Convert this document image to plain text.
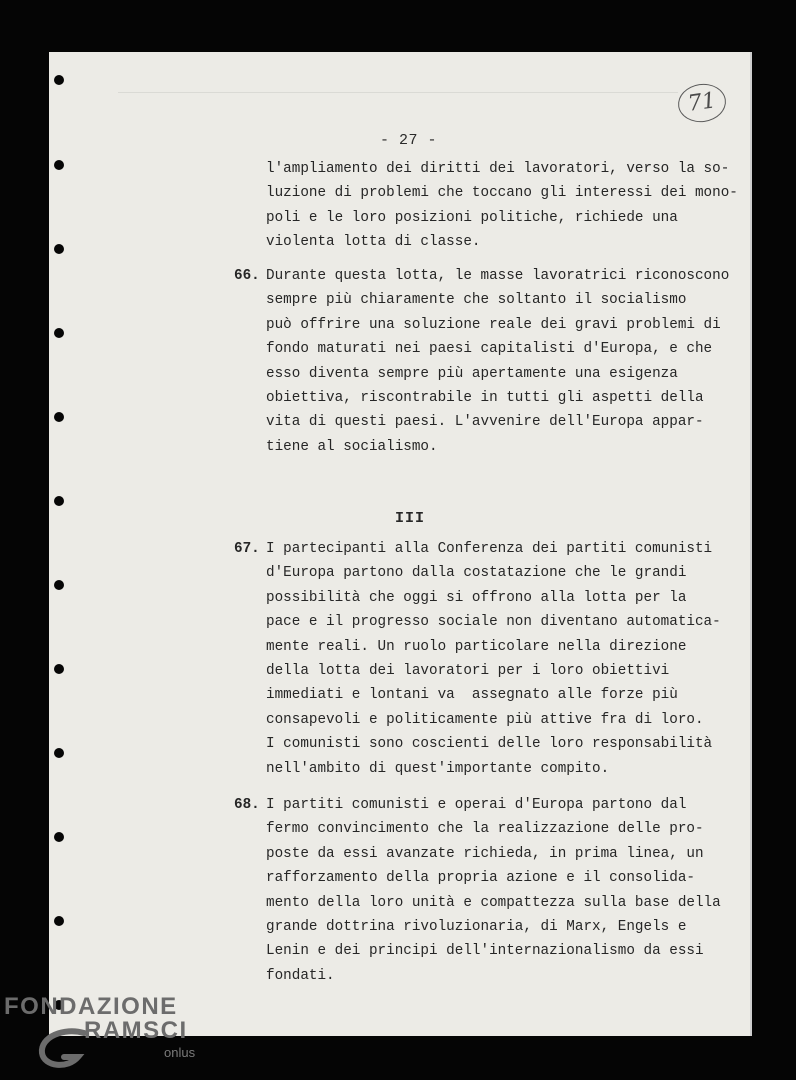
- 27 -
71
III
l'ampliamento dei diritti dei lavoratori, verso la so-
luzione di problemi che toccano gli interessi dei mono-
poli e le loro posizioni politiche, richiede una
violenta lotta di classe.
66. Durante questa lotta, le masse lavoratrici riconoscono
sempre più chiaramente che soltanto il socialismo
può offrire una soluzione reale dei gravi problemi di
fondo maturati nei paesi capitalisti d'Europa, e che
esso diventa sempre più apertamente una esigenza
obiettiva, riscontrabile in tutti gli aspetti della
vita di questi paesi. L'avvenire dell'Europa appar-
tiene al socialismo.
67. I partecipanti alla Conferenza dei partiti comunisti
d'Europa partono dalla costatazione che le grandi
possibilità che oggi si offrono alla lotta per la
pace e il progresso sociale non diventano automatica-
mente reali. Un ruolo particolare nella direzione
della lotta dei lavoratori per i loro obiettivi
immediati e lontani va  assegnato alle forze più
consapevoli e politicamente più attive fra di loro.
I comunisti sono coscienti delle loro responsabilità
nell'ambito di quest'importante compito.
68. I partiti comunisti e operai d'Europa partono dal
fermo convincimento che la realizzazione delle pro-
poste da essi avanzate richieda, in prima linea, un
rafforzamento della propria azione e il consolida-
mento della loro unità e compattezza sulla base della
grande dottrina rivoluzionaria, di Marx, Engels e
Lenin e dei principi dell'internazionalismo da essi
fondati.
FONDAZIONE
RAMSCI
onlus
